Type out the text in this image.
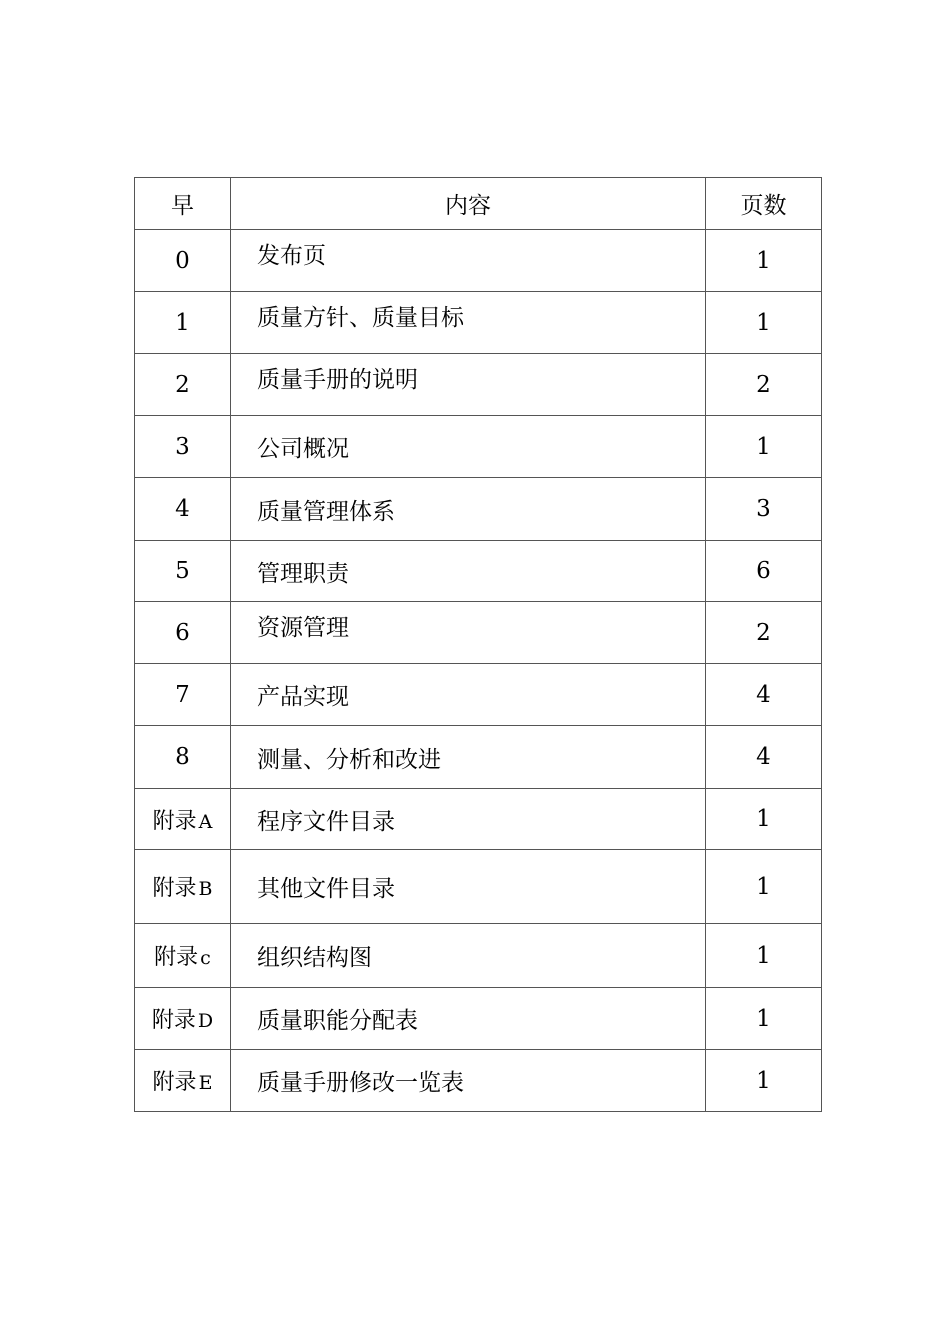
早	内容	页数
0	发布页	1
1	质量方针、质量目标	1
2	质量手册的说明	2
3	公司概况	1
4	质量管理体系	3
5	管理职责	6
6	资源管理	2
7	产品实现	4
8	测量、分析和改进	4
附录 A	程序文件目录	1
附录 B	其他文件目录	1
附录 c	组织结构图	1
附录 D	质量职能分配表	1
附录 E	质量手册修改一览表	1
